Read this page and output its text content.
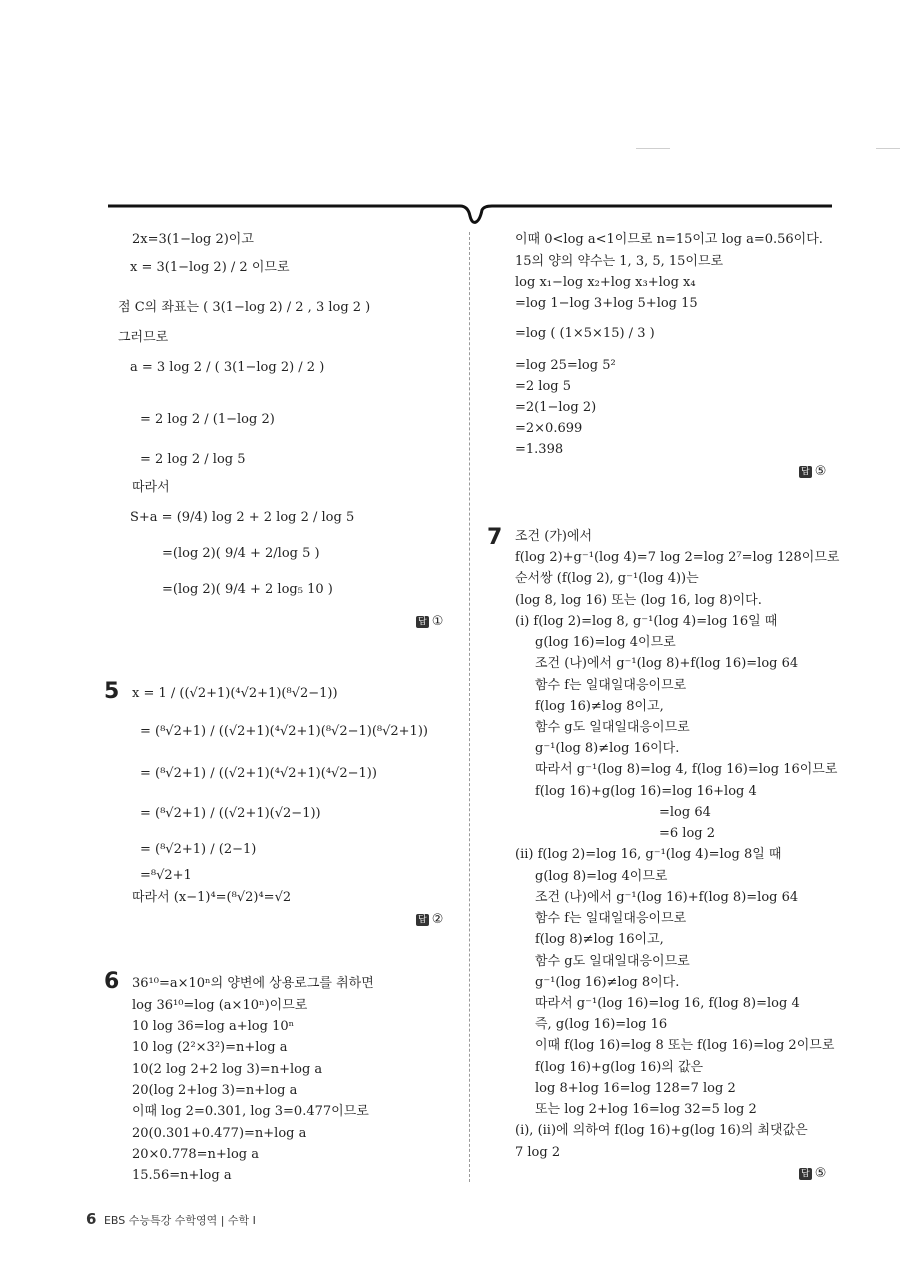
2x=3(1−log 2)이고
x = 3(1−log 2) / 2 이므로
점 C의 좌표는 ( 3(1−log 2) / 2 , 3 log 2 )
그러므로
a = 3 log 2 / ( 3(1−log 2) / 2 )
= 2 log 2 / (1−log 2)
= 2 log 2 / log 5
따라서
S+a = (9/4) log 2 + 2 log 2 / log 5
=(log 2)( 9/4 + 2/log 5 )
=(log 2)( 9/4 + 2 log₅ 10 )
답 ①
5 x = 1 / ((√2+1)(⁴√2+1)(⁸√2−1))
= (⁸√2+1) / ((√2+1)(⁴√2+1)(⁸√2−1)(⁸√2+1))
= (⁸√2+1) / ((√2+1)(⁴√2+1)(⁴√2−1))
= (⁸√2+1) / ((√2+1)(√2−1))
= (⁸√2+1) / (2−1)
=⁸√2+1
따라서 (x−1)⁴=(⁸√2)⁴=√2
답 ②
6 36¹⁰=a×10ⁿ의 양변에 상용로그를 취하면
log 36¹⁰=log (a×10ⁿ)이므로
10 log 36=log a+log 10ⁿ
10 log (2²×3²)=n+log a
10(2 log 2+2 log 3)=n+log a
20(log 2+log 3)=n+log a
이때 log 2=0.301, log 3=0.477이므로
20(0.301+0.477)=n+log a
20×0.778=n+log a
15.56=n+log a
이때 0<log a<1이므로 n=15이고 log a=0.56이다.
15의 양의 약수는 1, 3, 5, 15이므로
log x₁−log x₂+log x₃+log x₄
=log 1−log 3+log 5+log 15
=log ( (1×5×15) / 3 )
=log 25=log 5²
=2 log 5
=2(1−log 2)
=2×0.699
=1.398
답 ⑤
7 조건 (가)에서
f(log 2)+g⁻¹(log 4)=7 log 2=log 2⁷=log 128이므로
순서쌍 (f(log 2), g⁻¹(log 4))는
(log 8, log 16) 또는 (log 16, log 8)이다.
(i) f(log 2)=log 8, g⁻¹(log 4)=log 16일 때
g(log 16)=log 4이므로
조건 (나)에서 g⁻¹(log 8)+f(log 16)=log 64
함수 f는 일대일대응이므로
f(log 16)≠log 8이고,
함수 g도 일대일대응이므로
g⁻¹(log 8)≠log 16이다.
따라서 g⁻¹(log 8)=log 4, f(log 16)=log 16이므로
f(log 16)+g(log 16)=log 16+log 4
=log 64
=6 log 2
(ii) f(log 2)=log 16, g⁻¹(log 4)=log 8일 때
g(log 8)=log 4이므로
조건 (나)에서 g⁻¹(log 16)+f(log 8)=log 64
함수 f는 일대일대응이므로
f(log 8)≠log 16이고,
함수 g도 일대일대응이므로
g⁻¹(log 16)≠log 8이다.
따라서 g⁻¹(log 16)=log 16, f(log 8)=log 4
즉, g(log 16)=log 16
이때 f(log 16)=log 8 또는 f(log 16)=log 2이므로
f(log 16)+g(log 16)의 값은
log 8+log 16=log 128=7 log 2
또는 log 2+log 16=log 32=5 log 2
(i), (ii)에 의하여 f(log 16)+g(log 16)의 최댓값은
7 log 2
답 ⑤
6 EBS 수능특강 수학영역 | 수학 I
